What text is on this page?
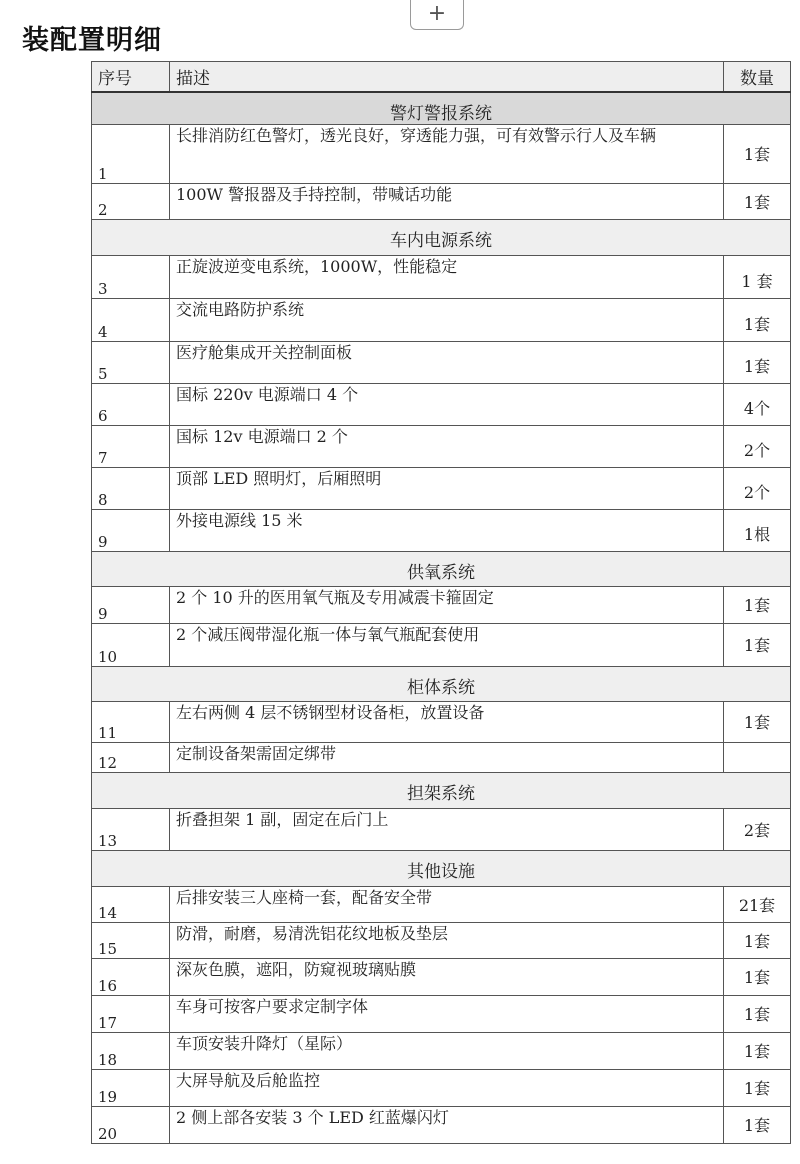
+
装配置明细
序号	描述	数量
警灯警报系统		
1	长排消防红色警灯，透光良好，穿透能力强，可有效警示行人及车辆	1套
2	100W 警报器及手持控制，带喊话功能	1套
车内电源系统		
3	正旋波逆变电系统，1000W，性能稳定	1 套
4	交流电路防护系统	1套
5	医疗舱集成开关控制面板	1套
6	国标 220v 电源端口 4 个	4个
7	国标 12v 电源端口 2 个	2个
8	顶部 LED 照明灯，后厢照明	2个
9	外接电源线 15 米	1根
供氧系统		
9	2 个 10 升的医用氧气瓶及专用减震卡箍固定	1套
10	2 个减压阀带湿化瓶一体与氧气瓶配套使用	1套
柜体系统		
11	左右两侧 4 层不锈钢型材设备柜，放置设备	1套
12	定制设备架需固定绑带	
担架系统		
13	折叠担架 1 副，固定在后门上	2套
其他设施		
14	后排安装三人座椅一套，配备安全带	21套
15	防滑，耐磨，易清洗铝花纹地板及垫层	1套
16	深灰色膜，遮阳，防窥视玻璃贴膜	1套
17	车身可按客户要求定制字体	1套
18	车顶安装升降灯（星际）	1套
19	大屏导航及后舱监控	1套
20	2 侧上部各安装 3 个 LED 红蓝爆闪灯	1套
